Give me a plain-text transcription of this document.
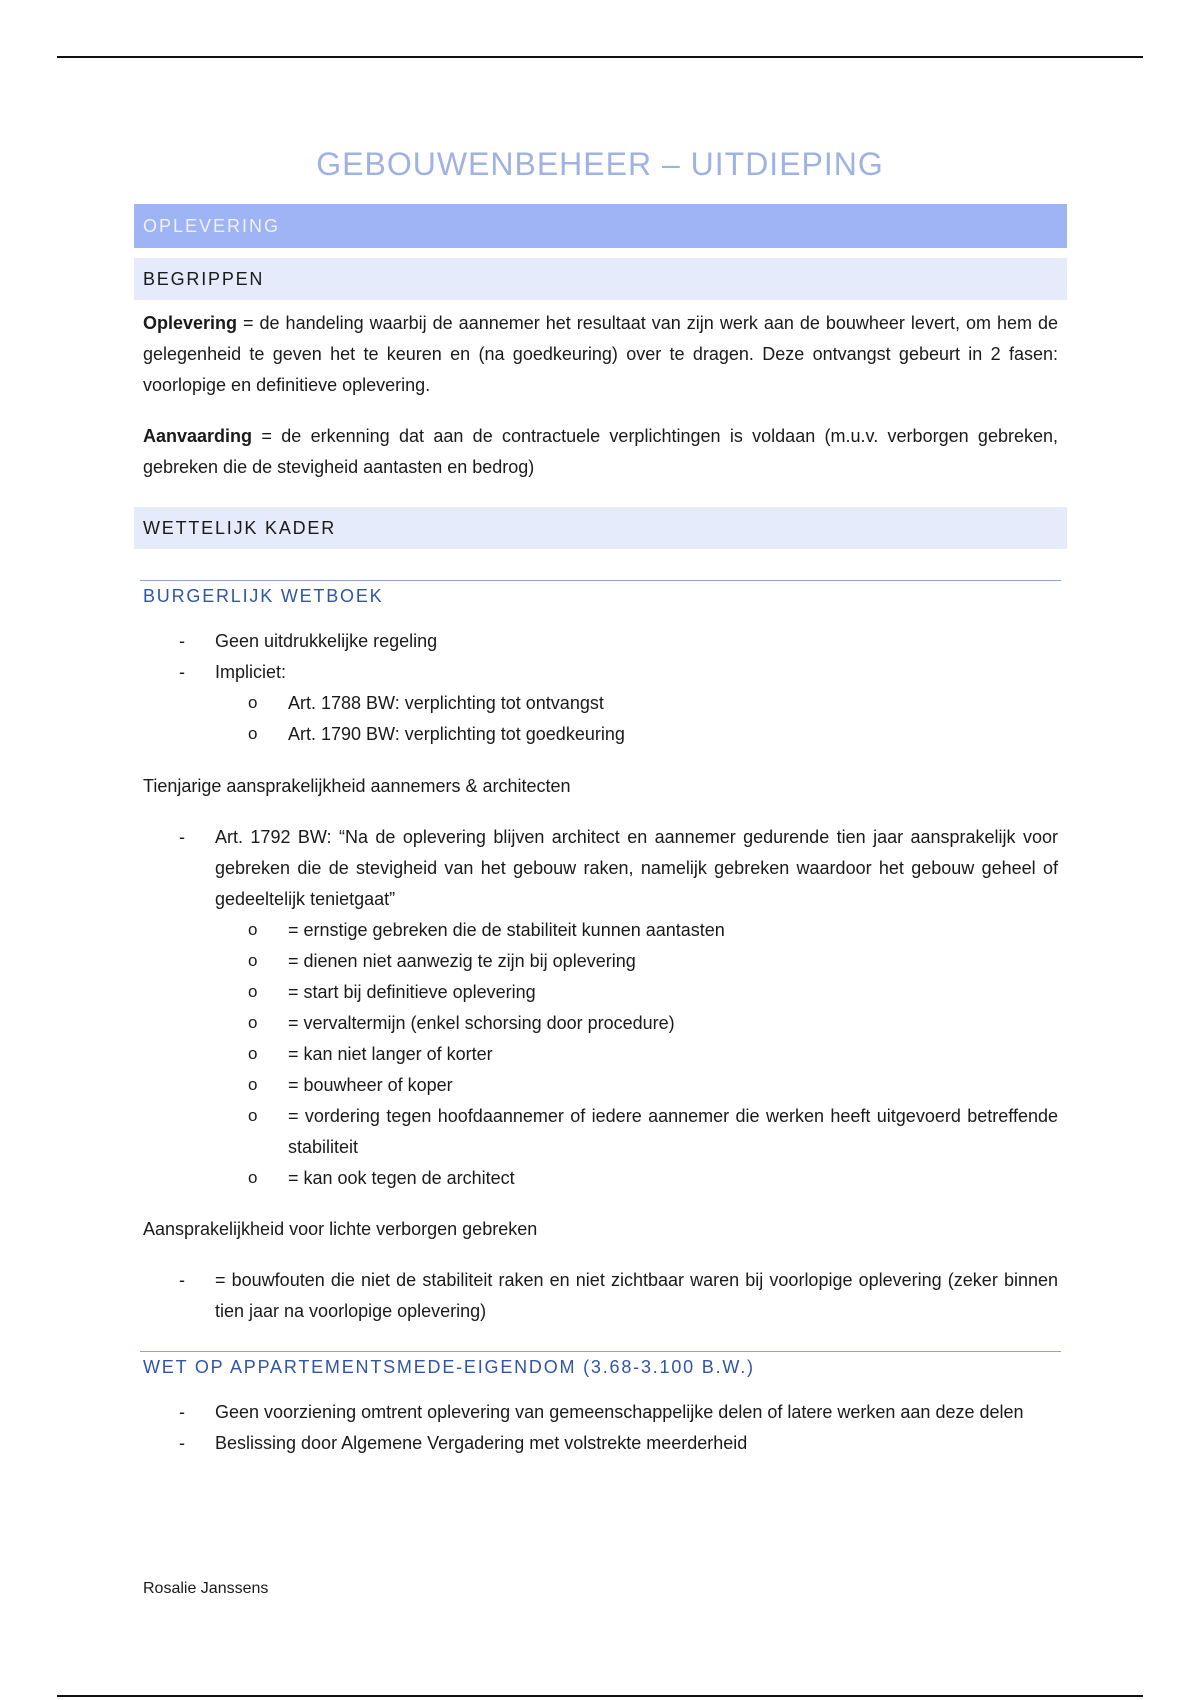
GEBOUWENBEHEER – UITDIEPING
OPLEVERING
BEGRIPPEN

Oplevering = de handeling waarbij de aannemer het resultaat van zijn werk aan de bouwheer levert, om hem de gelegenheid te geven het te keuren en (na goedkeuring) over te dragen. Deze ontvangst gebeurt in 2 fasen: voorlopige en definitieve oplevering.

Aanvaarding = de erkenning dat aan de contractuele verplichtingen is voldaan (m.u.v. verborgen gebreken, gebreken die de stevigheid aantasten en bedrog)

WETTELIJK KADER
BURGERLIJK WETBOEK
- Geen uitdrukkelijke regeling
- Impliciet:
o Art. 1788 BW: verplichting tot ontvangst
o Art. 1790 BW: verplichting tot goedkeuring

Tienjarige aansprakelijkheid aannemers & architecten

- Art. 1792 BW: “Na de oplevering blijven architect en aannemer gedurende tien jaar aansprakelijk voor gebreken die de stevigheid van het gebouw raken, namelijk gebreken waardoor het gebouw geheel of gedeeltelijk tenietgaat”
o = ernstige gebreken die de stabiliteit kunnen aantasten
o = dienen niet aanwezig te zijn bij oplevering
o = start bij definitieve oplevering
o = vervaltermijn (enkel schorsing door procedure)
o = kan niet langer of korter
o = bouwheer of koper
o = vordering tegen hoofdaannemer of iedere aannemer die werken heeft uitgevoerd betreffende stabiliteit
o = kan ook tegen de architect

Aansprakelijkheid voor lichte verborgen gebreken

- = bouwfouten die niet de stabiliteit raken en niet zichtbaar waren bij voorlopige oplevering (zeker binnen tien jaar na voorlopige oplevering)
WET OP APPARTEMENTSMEDE-EIGENDOM (3.68-3.100 B.W.)
- Geen voorziening omtrent oplevering van gemeenschappelijke delen of latere werken aan deze delen
- Beslissing door Algemene Vergadering met volstrekte meerderheid
Rosalie Janssens
